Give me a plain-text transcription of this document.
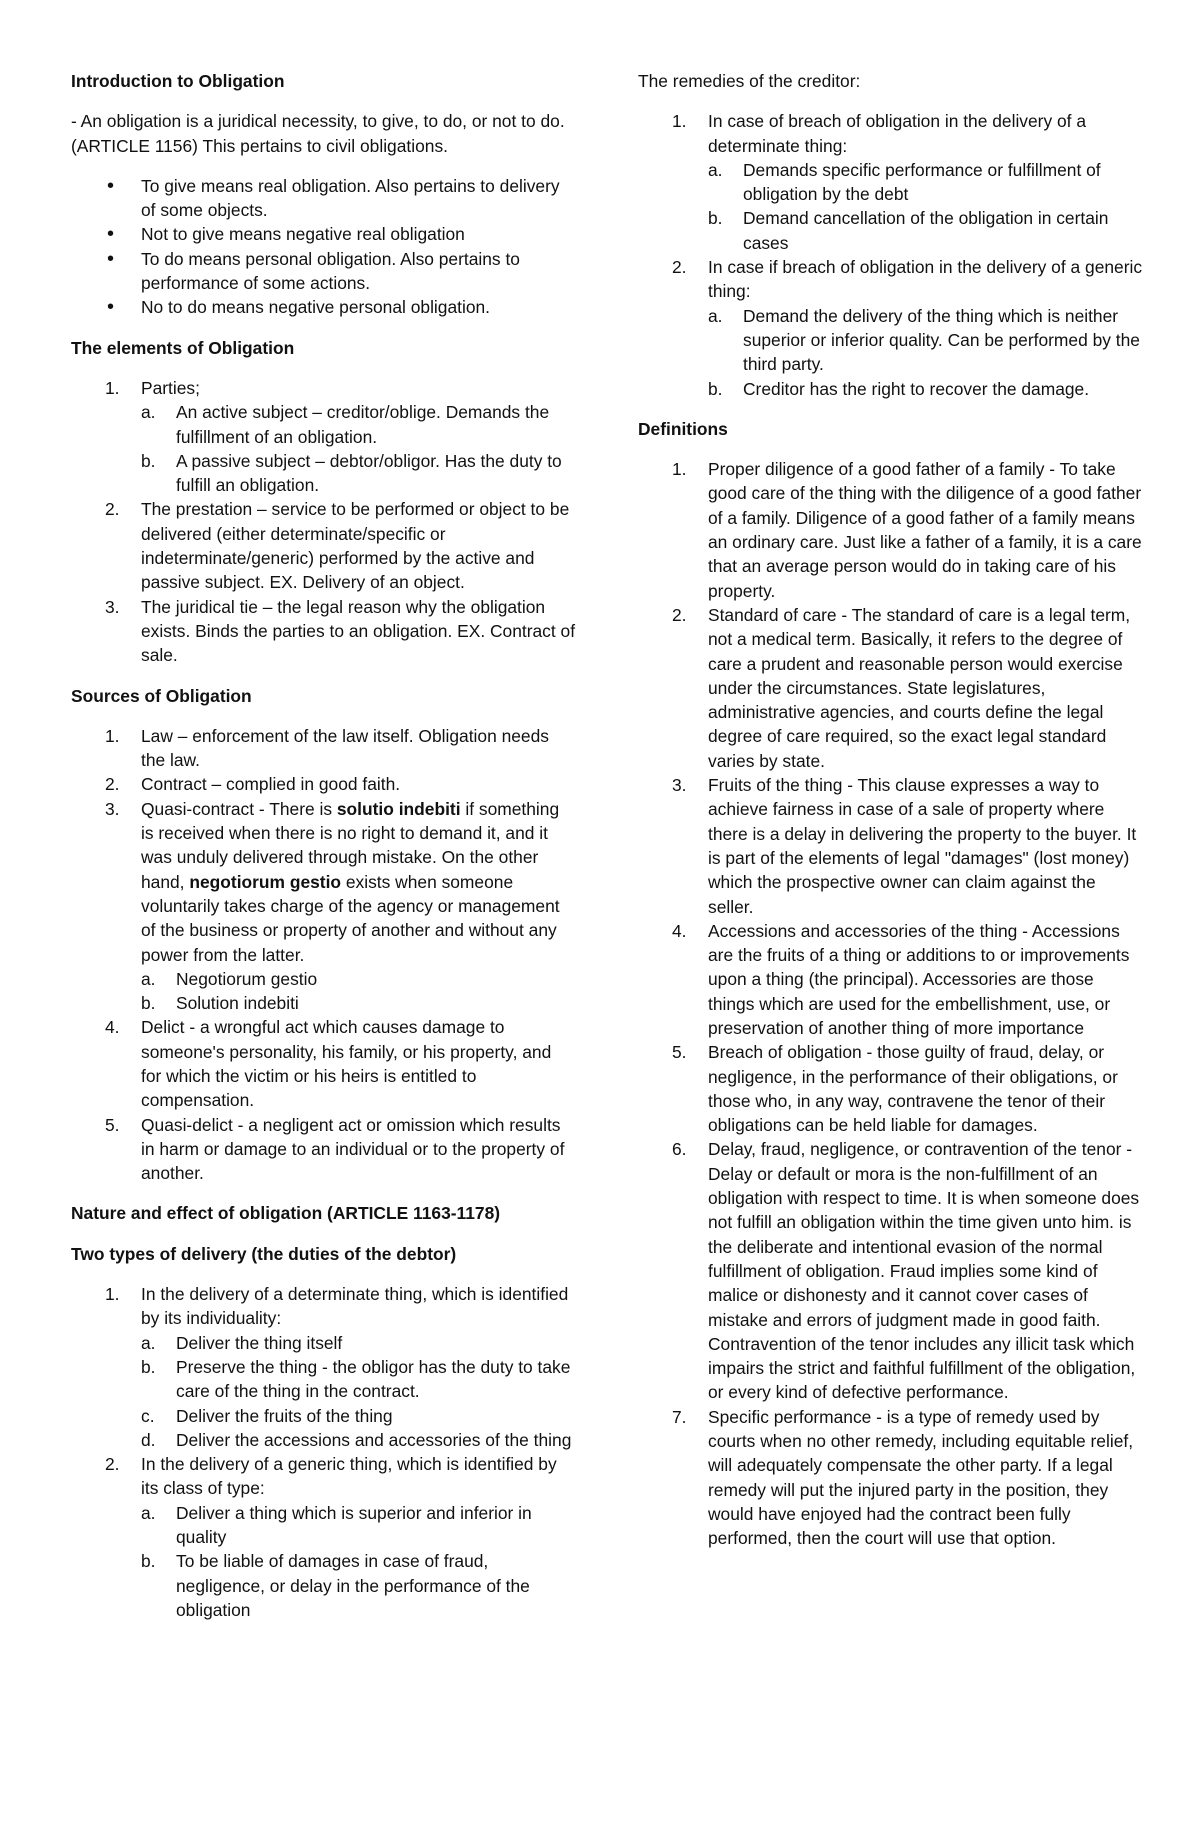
Introduction to Obligation

- An obligation is a juridical necessity, to give, to do, or not to do. (ARTICLE 1156) This pertains to civil obligations.

• To give means real obligation. Also pertains to delivery of some objects.
• Not to give means negative real obligation
• To do means personal obligation. Also pertains to performance of some actions.
• No to do means negative personal obligation.
The elements of Obligation
1. Parties;
a. An active subject – creditor/oblige. Demands the fulfillment of an obligation.
b. A passive subject – debtor/obligor. Has the duty to fulfill an obligation.
2. The prestation – service to be performed or object to be delivered (either determinate/specific or indeterminate/generic) performed by the active and passive subject. EX. Delivery of an object.
3. The juridical tie – the legal reason why the obligation exists. Binds the parties to an obligation. EX. Contract of sale.
Sources of Obligation
1. Law – enforcement of the law itself. Obligation needs the law.
2. Contract – complied in good faith.
3. Quasi-contract - There is solutio indebiti if something is received when there is no right to demand it, and it was unduly delivered through mistake. On the other hand, negotiorum gestio exists when someone voluntarily takes charge of the agency or management of the business or property of another and without any power from the latter.
a. Negotiorum gestio
b. Solution indebiti
4. Delict - a wrongful act which causes damage to someone's personality, his family, or his property, and for which the victim or his heirs is entitled to compensation.
5. Quasi-delict - a negligent act or omission which results in harm or damage to an individual or to the property of another.
Nature and effect of obligation (ARTICLE 1163-1178)
Two types of delivery (the duties of the debtor)
1. In the delivery of a determinate thing, which is identified by its individuality:
a. Deliver the thing itself
b. Preserve the thing - the obligor has the duty to take care of the thing in the contract.
c. Deliver the fruits of the thing
d. Deliver the accessions and accessories of the thing
2. In the delivery of a generic thing, which is identified by its class of type:
a. Deliver a thing which is superior and inferior in quality
b. To be liable of damages in case of fraud, negligence, or delay in the performance of the obligation

The remedies of the creditor:

1. In case of breach of obligation in the delivery of a determinate thing:
a. Demands specific performance or fulfillment of obligation by the debt
b. Demand cancellation of the obligation in certain cases
2. In case if breach of obligation in the delivery of a generic thing:
a. Demand the delivery of the thing which is neither superior or inferior quality. Can be performed by the third party.
b. Creditor has the right to recover the damage.
Definitions
1. Proper diligence of a good father of a family - To take good care of the thing with the diligence of a good father of a family. Diligence of a good father of a family means an ordinary care. Just like a father of a family, it is a care that an average person would do in taking care of his property.
2. Standard of care - The standard of care is a legal term, not a medical term. Basically, it refers to the degree of care a prudent and reasonable person would exercise under the circumstances. State legislatures, administrative agencies, and courts define the legal degree of care required, so the exact legal standard varies by state.
3. Fruits of the thing - This clause expresses a way to achieve fairness in case of a sale of property where there is a delay in delivering the property to the buyer. It is part of the elements of legal "damages" (lost money) which the prospective owner can claim against the seller.
4. Accessions and accessories of the thing - Accessions are the fruits of a thing or additions to or improvements upon a thing (the principal). Accessories are those things which are used for the embellishment, use, or preservation of another thing of more importance
5. Breach of obligation - those guilty of fraud, delay, or negligence, in the performance of their obligations, or those who, in any way, contravene the tenor of their obligations can be held liable for damages.
6. Delay, fraud, negligence, or contravention of the tenor - Delay or default or mora is the non-fulfillment of an obligation with respect to time. It is when someone does not fulfill an obligation within the time given unto him. is the deliberate and intentional evasion of the normal fulfillment of obligation. Fraud implies some kind of malice or dishonesty and it cannot cover cases of mistake and errors of judgment made in good faith. Contravention of the tenor includes any illicit task which impairs the strict and faithful fulfillment of the obligation, or every kind of defective performance.
7. Specific performance - is a type of remedy used by courts when no other remedy, including equitable relief, will adequately compensate the other party. If a legal remedy will put the injured party in the position, they would have enjoyed had the contract been fully performed, then the court will use that option.
